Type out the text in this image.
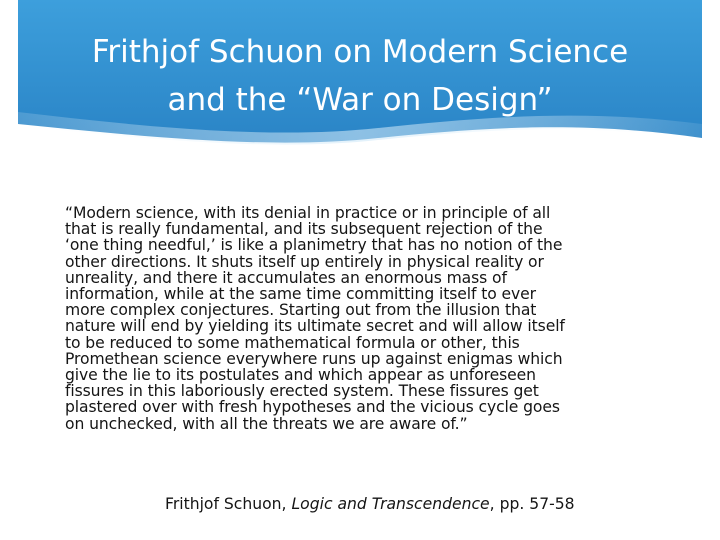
Frithjof Schuon on Modern Science
and the “War on Design”
“Modern science, with its denial in practice or in principle of all
that is really fundamental, and its subsequent rejection of the
‘one thing needful,’ is like a planimetry that has no notion of the
other directions. It shuts itself up entirely in physical reality or
unreality, and there it accumulates an enormous mass of
information, while at the same time committing itself to ever
more complex conjectures. Starting out from the illusion that
nature will end by yielding its ultimate secret and will allow itself
to be reduced to some mathematical formula or other, this
Promethean science everywhere runs up against enigmas which
give the lie to its postulates and which appear as unforeseen
fissures in this laboriously erected system. These fissures get
plastered over with fresh hypotheses and the vicious cycle goes
on unchecked, with all the threats we are aware of.”
Frithjof Schuon, Logic and Transcendence, pp. 57-58
